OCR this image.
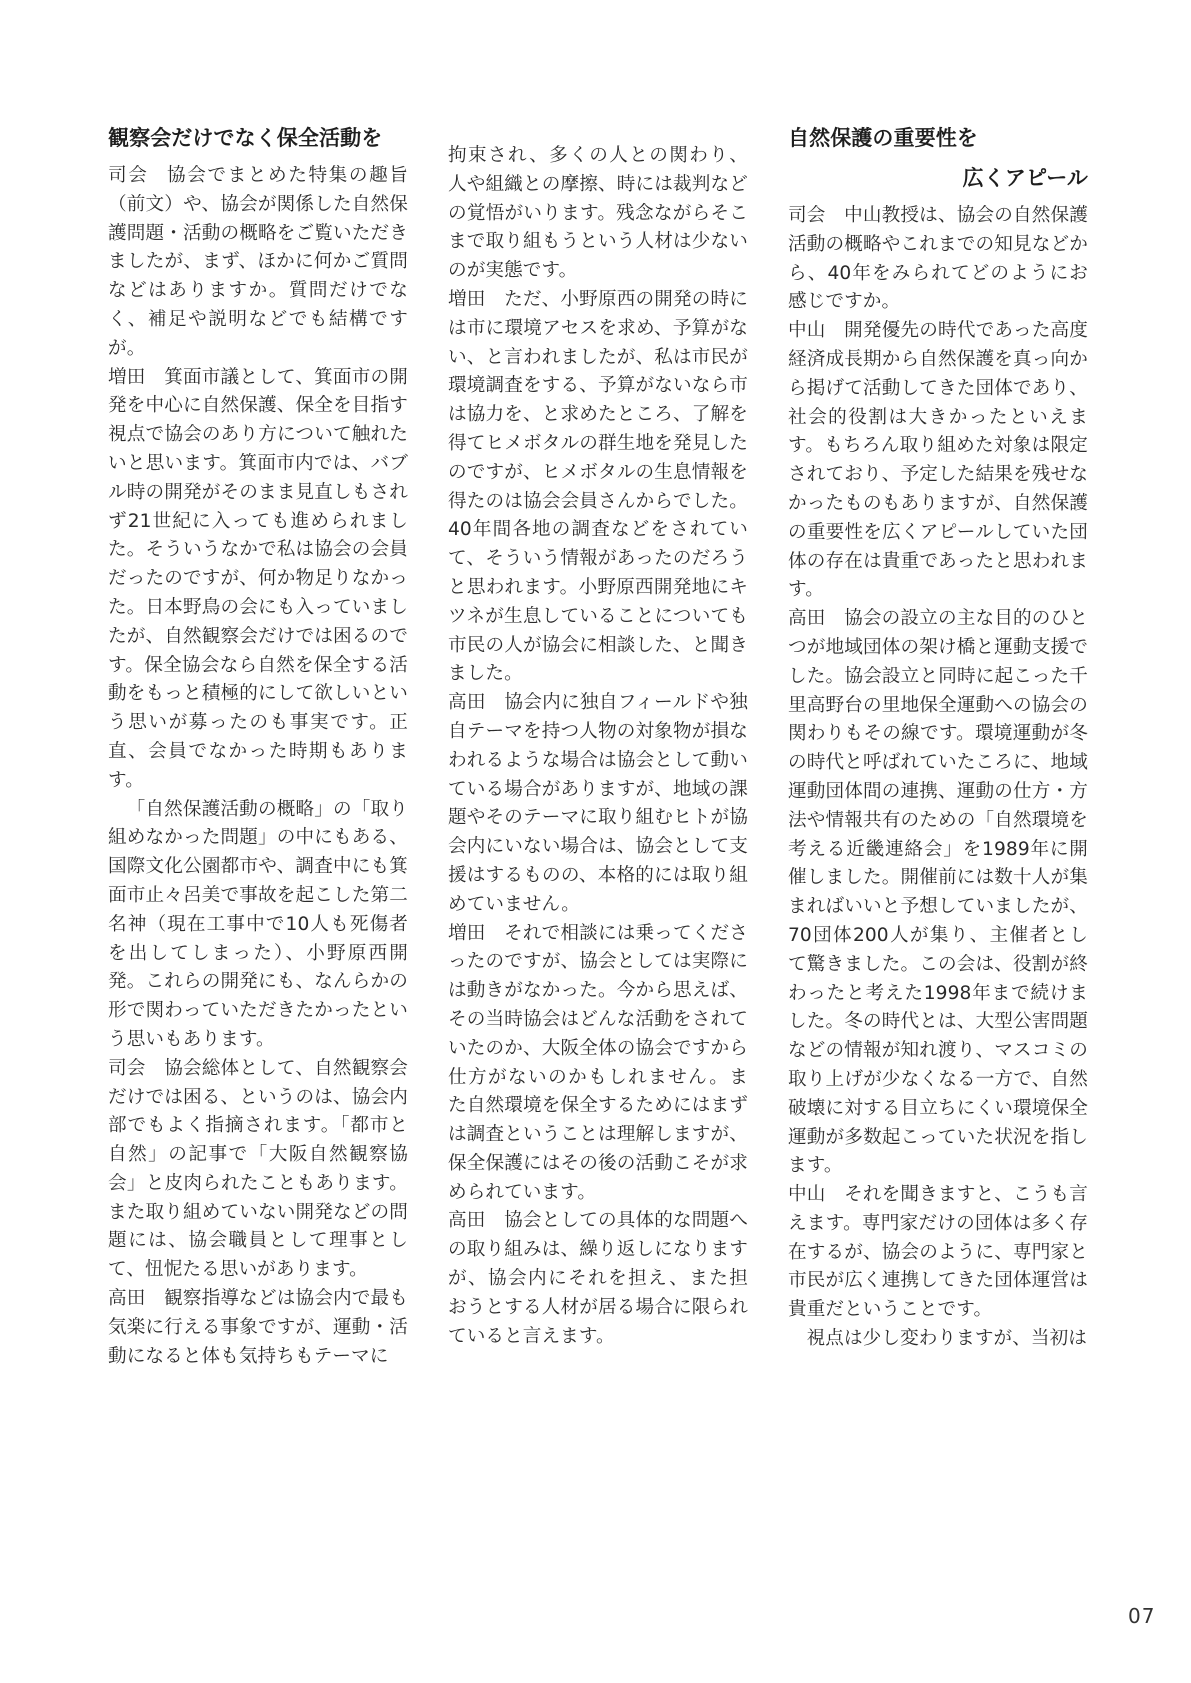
観察会だけでなく保全活動を

司会 協会でまとめた特集の趣旨（前文）や、協会が関係した自然保護問題・活動の概略をご覧いただきましたが、まず、ほかに何かご質問などはありますか。質問だけでなく、補足や説明などでも結構ですが。

増田 箕面市議として、箕面市の開発を中心に自然保護、保全を目指す視点で協会のあり方について触れたいと思います。箕面市内では、バブル時の開発がそのまま見直しもされず21世紀に入っても進められました。そういうなかで私は協会の会員だったのですが、何か物足りなかった。日本野鳥の会にも入っていましたが、自然観察会だけでは困るのです。保全協会なら自然を保全する活動をもっと積極的にして欲しいという思いが募ったのも事実です。正直、会員でなかった時期もあります。

「自然保護活動の概略」の「取り組めなかった問題」の中にもある、国際文化公園都市や、調査中にも箕面市止々呂美で事故を起こした第二名神（現在工事中で10人も死傷者を出してしまった）、小野原西開発。これらの開発にも、なんらかの形で関わっていただきたかったという思いもあります。

司会 協会総体として、自然観察会だけでは困る、というのは、協会内部でもよく指摘されます。「都市と自然」の記事で「大阪自然観察協会」と皮肉られたこともあります。また取り組めていない開発などの問題には、協会職員として理事として、忸怩たる思いがあります。

高田 観察指導などは協会内で最も気楽に行える事象ですが、運動・活動になると体も気持ちもテーマに

拘束され、多くの人との関わり、人や組織との摩擦、時には裁判などの覚悟がいります。残念ながらそこまで取り組もうという人材は少ないのが実態です。

増田 ただ、小野原西の開発の時には市に環境アセスを求め、予算がない、と言われましたが、私は市民が環境調査をする、予算がないなら市は協力を、と求めたところ、了解を得てヒメボタルの群生地を発見したのですが、ヒメボタルの生息情報を得たのは協会会員さんからでした。40年間各地の調査などをされていて、そういう情報があったのだろうと思われます。小野原西開発地にキツネが生息していることについても市民の人が協会に相談した、と聞きました。

高田 協会内に独自フィールドや独自テーマを持つ人物の対象物が損なわれるような場合は協会として動いている場合がありますが、地域の課題やそのテーマに取り組むヒトが協会内にいない場合は、協会として支援はするものの、本格的には取り組めていません。

増田 それで相談には乗ってくださったのですが、協会としては実際には動きがなかった。今から思えば、その当時協会はどんな活動をされていたのか、大阪全体の協会ですから仕方がないのかもしれません。また自然環境を保全するためにはまずは調査ということは理解しますが、保全保護にはその後の活動こそが求められています。

高田 協会としての具体的な問題への取り組みは、繰り返しになりますが、協会内にそれを担え、また担おうとする人材が居る場合に限られていると言えます。

自然保護の重要性を
広くアピール

司会 中山教授は、協会の自然保護活動の概略やこれまでの知見などから、40年をみられてどのようにお感じですか。

中山 開発優先の時代であった高度経済成長期から自然保護を真っ向から掲げて活動してきた団体であり、社会的役割は大きかったといえます。もちろん取り組めた対象は限定されており、予定した結果を残せなかったものもありますが、自然保護の重要性を広くアピールしていた団体の存在は貴重であったと思われます。

高田 協会の設立の主な目的のひとつが地域団体の架け橋と運動支援でした。協会設立と同時に起こった千里高野台の里地保全運動への協会の関わりもその線です。環境運動が冬の時代と呼ばれていたころに、地域運動団体間の連携、運動の仕方・方法や情報共有のための「自然環境を考える近畿連絡会」を1989年に開催しました。開催前には数十人が集まればいいと予想していましたが、70団体200人が集り、主催者として驚きました。この会は、役割が終わったと考えた1998年まで続けました。冬の時代とは、大型公害問題などの情報が知れ渡り、マスコミの取り上げが少なくなる一方で、自然破壊に対する目立ちにくい環境保全運動が多数起こっていた状況を指します。

中山 それを聞きますと、こうも言えます。専門家だけの団体は多く存在するが、協会のように、専門家と市民が広く連携してきた団体運営は貴重だということです。

視点は少し変わりますが、当初は

07
